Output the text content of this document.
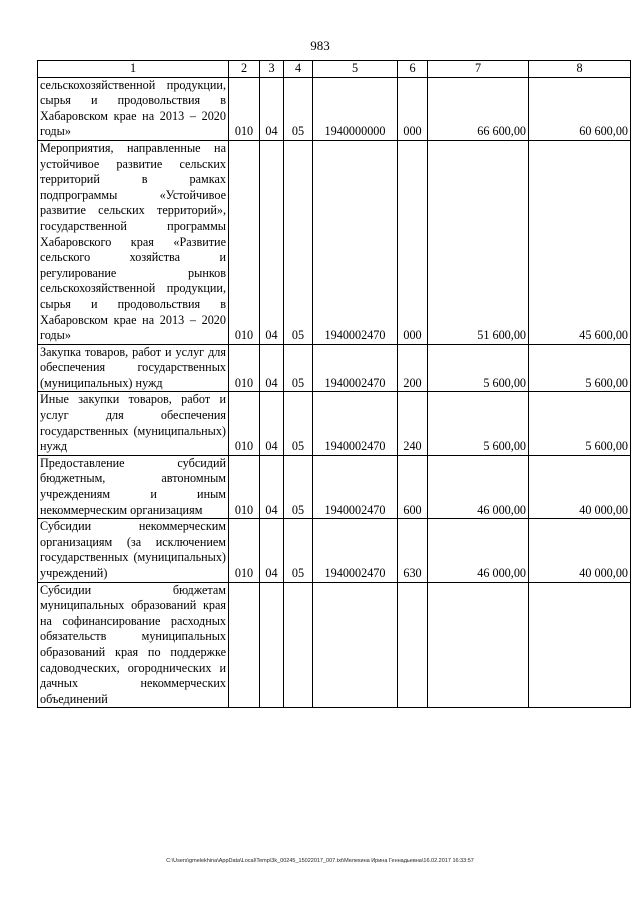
983
1	2	3	4	5	6	7	8
сельскохозяйственной продукции, сырья и продовольствия в Хабаровском крае на 2013 – 2020 годы»	010	04	05	1940000000	000	66 600,00	60 600,00
Мероприятия, направленные на устойчивое развитие сельских территорий в рамках подпрограммы «Устойчивое развитие сельских территорий», государственной программы Хабаровского края «Развитие сельского хозяйства и регулирование рынков сельскохозяйственной продукции, сырья и продовольствия в Хабаровском крае на 2013 – 2020 годы»	010	04	05	1940002470	000	51 600,00	45 600,00
Закупка товаров, работ и услуг для обеспечения государственных (муниципальных) нужд	010	04	05	1940002470	200	5 600,00	5 600,00
Иные закупки товаров, работ и услуг для обеспечения государственных (муниципальных) нужд	010	04	05	1940002470	240	5 600,00	5 600,00
Предоставление субсидий бюджетным, автономным учреждениям и иным некоммерческим организациям	010	04	05	1940002470	600	46 000,00	40 000,00
Субсидии некоммерческим организациям (за исключением государственных (муниципальных) учреждений)	010	04	05	1940002470	630	46 000,00	40 000,00
Субсидии бюджетам муниципальных образований края на софинансирование расходных обязательств муниципальных образований края по поддержке садоводческих, огороднических и дачных некоммерческих объединений							
C:\Users\gmelekhina\AppData\Local\Temp\3k_00245_15022017_007.txt\Мелехина Ирина Геннадьевна\16.02.2017 16:33:57
